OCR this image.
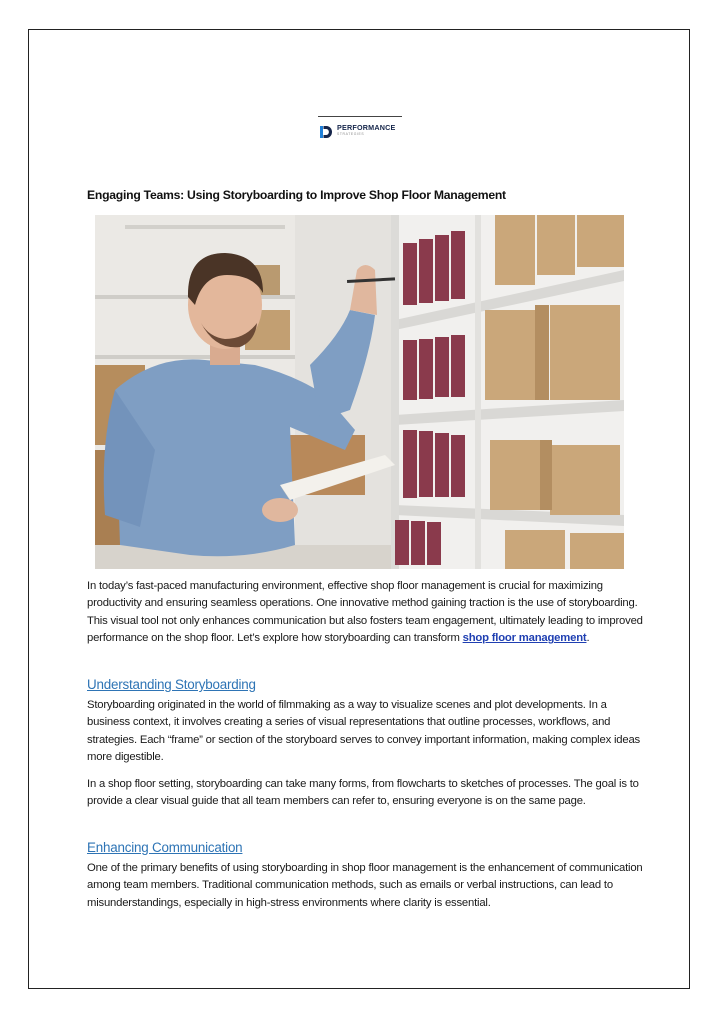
PERFORMANCE
STRATEGIES
Engaging Teams: Using Storyboarding to Improve Shop Floor Management

In today’s fast-paced manufacturing environment, effective shop floor management is crucial for maximizing productivity and ensuring seamless operations. One innovative method gaining traction is the use of storyboarding. This visual tool not only enhances communication but also fosters team engagement, ultimately leading to improved performance on the shop floor. Let’s explore how storyboarding can transform shop floor management.

Understanding Storyboarding

Storyboarding originated in the world of filmmaking as a way to visualize scenes and plot developments. In a business context, it involves creating a series of visual representations that outline processes, workflows, and strategies. Each “frame” or section of the storyboard serves to convey important information, making complex ideas more digestible.

In a shop floor setting, storyboarding can take many forms, from flowcharts to sketches of processes. The goal is to provide a clear visual guide that all team members can refer to, ensuring everyone is on the same page.

Enhancing Communication

One of the primary benefits of using storyboarding in shop floor management is the enhancement of communication among team members. Traditional communication methods, such as emails or verbal instructions, can lead to misunderstandings, especially in high-stress environments where clarity is essential.
